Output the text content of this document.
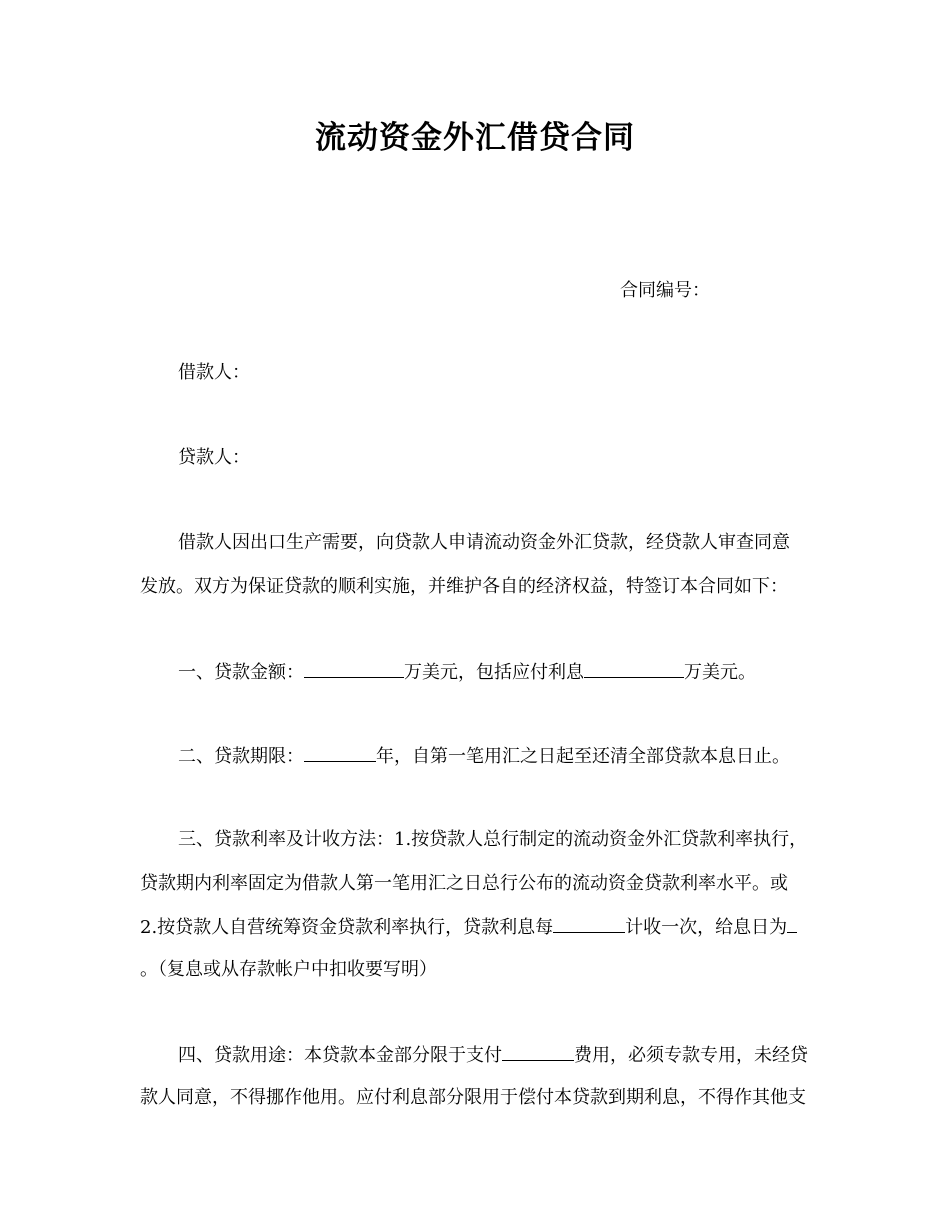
流动资金外汇借贷合同
合同编号：
借款人：
贷款人：
借款人因出口生产需要，向贷款人申请流动资金外汇贷款，经贷款人审查同意
发放。双方为保证贷款的顺利实施，并维护各自的经济权益，特签订本合同如下：
一、贷款金额：	万美元，包括应付利息	万美元。
二、贷款期限：	年，自第一笔用汇之日起至还清全部贷款本息日止。
三、贷款利率及计收方法：1.按贷款人总行制定的流动资金外汇贷款利率执行，
贷款期内利率固定为借款人第一笔用汇之日总行公布的流动资金贷款利率水平。或
2.按贷款人自营统筹资金贷款利率执行，贷款利息每	计收一次，给息日为
。（复息或从存款帐户中扣收要写明）
四、贷款用途：本贷款本金部分限于支付	费用，必须专款专用，未经贷
款人同意，不得挪作他用。应付利息部分限用于偿付本贷款到期利息，不得作其他支
